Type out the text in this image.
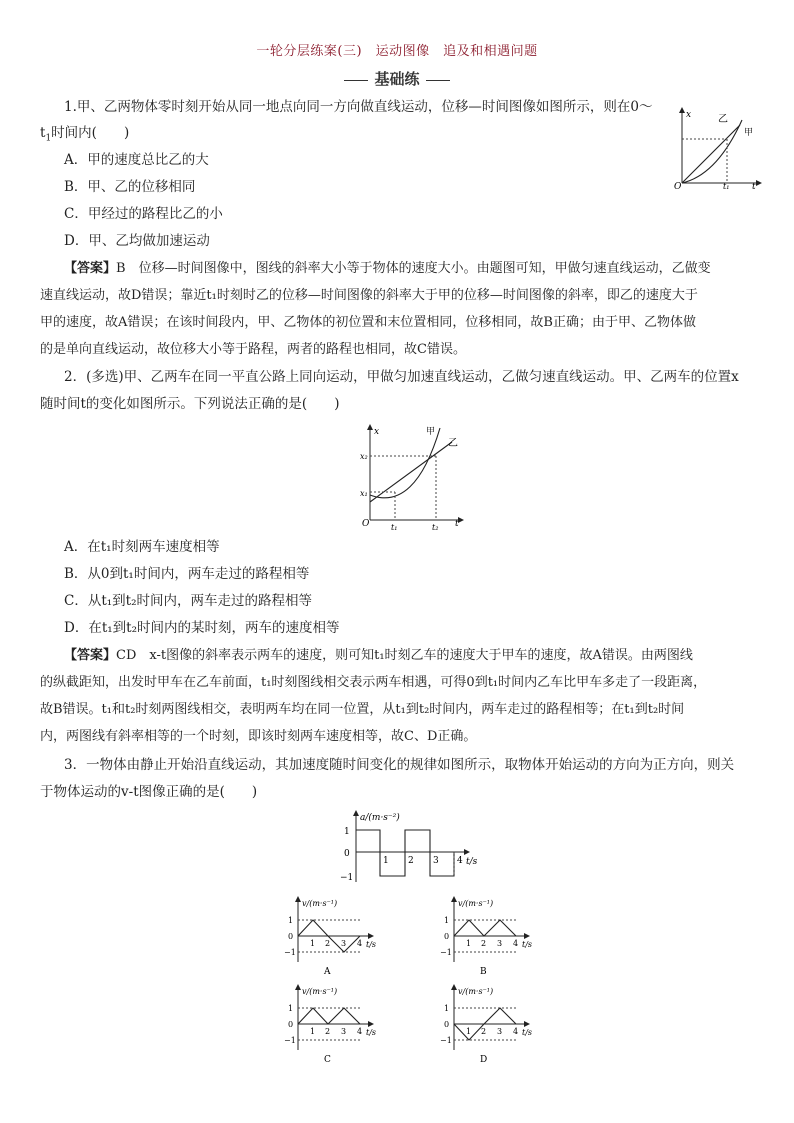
一轮分层练案(三)　运动图像　追及和相遇问题
基础练
1.甲、乙两物体零时刻开始从同一地点向同一方向做直线运动，位移—时间图像如图所示，则在0～
$t_1$时间内(　　)
A．甲的速度总比乙的大
B．甲、乙的位移相同
C．甲经过的路程比乙的小
D．甲、乙均做加速运动
x
O	t
t₁
乙
甲
【答案】B　位移—时间图像中，图线的斜率大小等于物体的速度大小。由题图可知，甲做匀速直线运动，乙做变
速直线运动，故D错误；靠近t₁时刻时乙的位移—时间图像的斜率大于甲的位移—时间图像的斜率，即乙的速度大于
甲的速度，故A错误；在该时间段内，甲、乙物体的初位置和末位置相同，位移相同，故B正确；由于甲、乙物体做
的是单向直线运动，故位移大小等于路程，两者的路程也相同，故C错误。
2．(多选)甲、乙两车在同一平直公路上同向运动，甲做匀加速直线运动，乙做匀速直线运动。甲、乙两车的位置x
随时间t的变化如图所示。下列说法正确的是(　　)
x
O	t
x₁
x₂
t₁	t₂
甲
乙
A．在t₁时刻两车速度相等
B．从0到t₁时间内，两车走过的路程相等
C．从t₁到t₂时间内，两车走过的路程相等
D．在t₁到t₂时间内的某时刻，两车的速度相等
【答案】CD　x-t图像的斜率表示两车的速度，则可知t₁时刻乙车的速度大于甲车的速度，故A错误。由两图线
的纵截距知，出发时甲车在乙车前面，t₁时刻图线相交表示两车相遇，可得0到t₁时间内乙车比甲车多走了一段距离，
故B错误。t₁和t₂时刻两图线相交，表明两车均在同一位置，从t₁到t₂时间内，两车走过的路程相等；在t₁到t₂时间
内，两图线有斜率相等的一个时刻，即该时刻两车速度相等，故C、D正确。
3．一物体由静止开始沿直线运动，其加速度随时间变化的规律如图所示，取物体开始运动的方向为正方向，则关
于物体运动的v-t图像正确的是(　　)
a/(m·s⁻²)
1
0
−1
1 2 3 4 t/s
v/(m·s⁻¹)
1
0
−1
1 2 3 4 t/s
A
v/(m·s⁻¹)
1
0
−1
1 2 3 4 t/s
B
v/(m·s⁻¹)
1
0
−1
1 2 3 4 t/s
C
v/(m·s⁻¹)
1
0
−1
1 2 3 4 t/s
D
